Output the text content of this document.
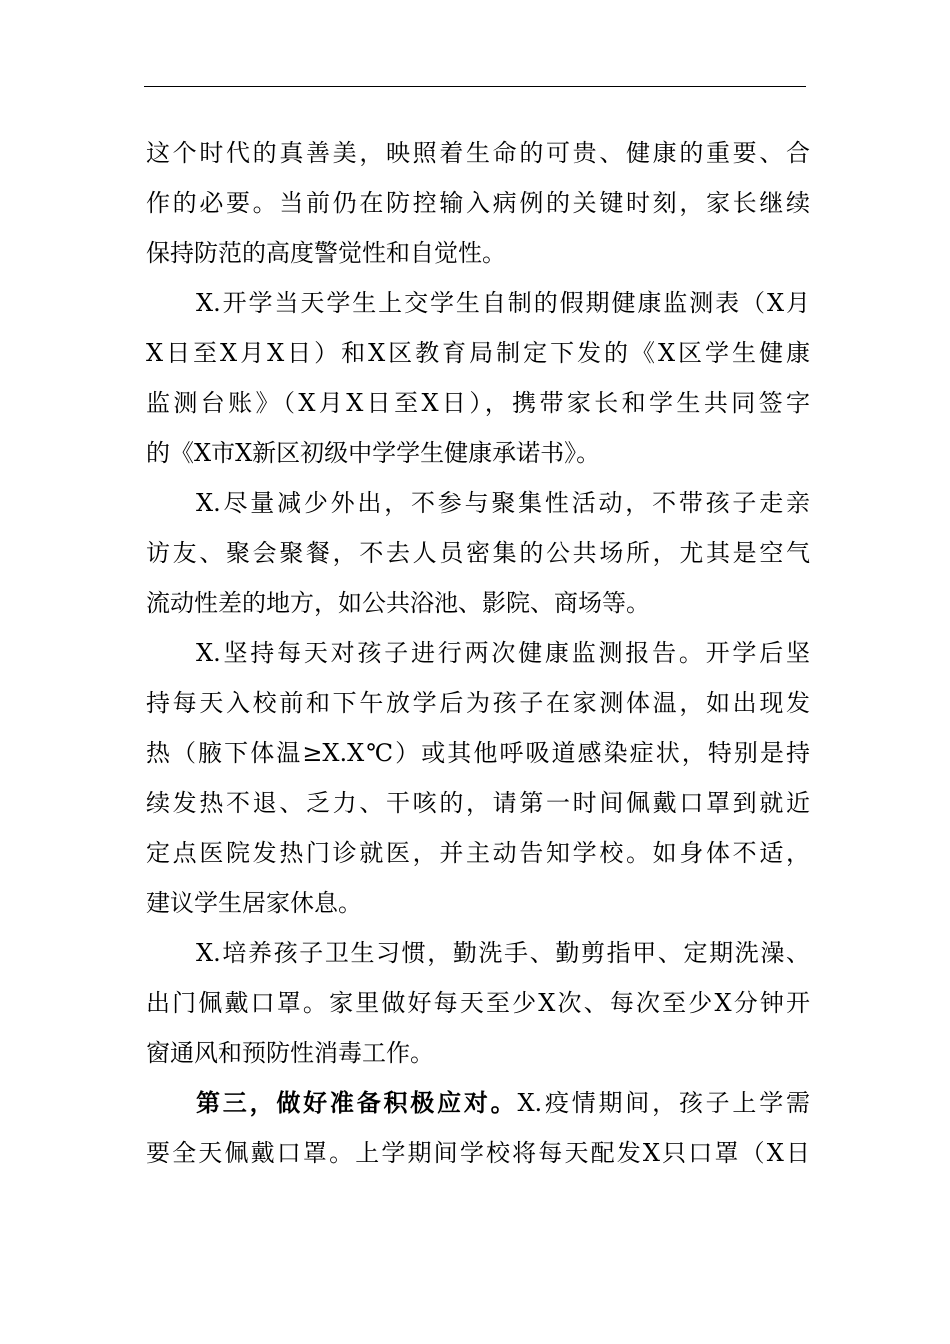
这个时代的真善美，映照着生命的可贵、健康的重要、合
作的必要。当前仍在防控输入病例的关键时刻，家长继续
保持防范的高度警觉性和自觉性。
X.开学当天学生上交学生自制的假期健康监测表（X月
X日至X月X日）和X区教育局制定下发的《X区学生健康
监测台账》（X月X日至X日），携带家长和学生共同签字
的《X市X新区初级中学学生健康承诺书》。
X.尽量减少外出，不参与聚集性活动，不带孩子走亲
访友、聚会聚餐，不去人员密集的公共场所，尤其是空气
流动性差的地方，如公共浴池、影院、商场等。
X.坚持每天对孩子进行两次健康监测报告。开学后坚
持每天入校前和下午放学后为孩子在家测体温，如出现发
热（腋下体温≥X.X℃）或其他呼吸道感染症状，特别是持
续发热不退、乏力、干咳的，请第一时间佩戴口罩到就近
定点医院发热门诊就医，并主动告知学校。如身体不适，
建议学生居家休息。
X.培养孩子卫生习惯，勤洗手、勤剪指甲、定期洗澡、
出门佩戴口罩。家里做好每天至少X次、每次至少X分钟开
窗通风和预防性消毒工作。
第三，做好准备积极应对。X.疫情期间，孩子上学需
要全天佩戴口罩。上学期间学校将每天配发X只口罩（X日
